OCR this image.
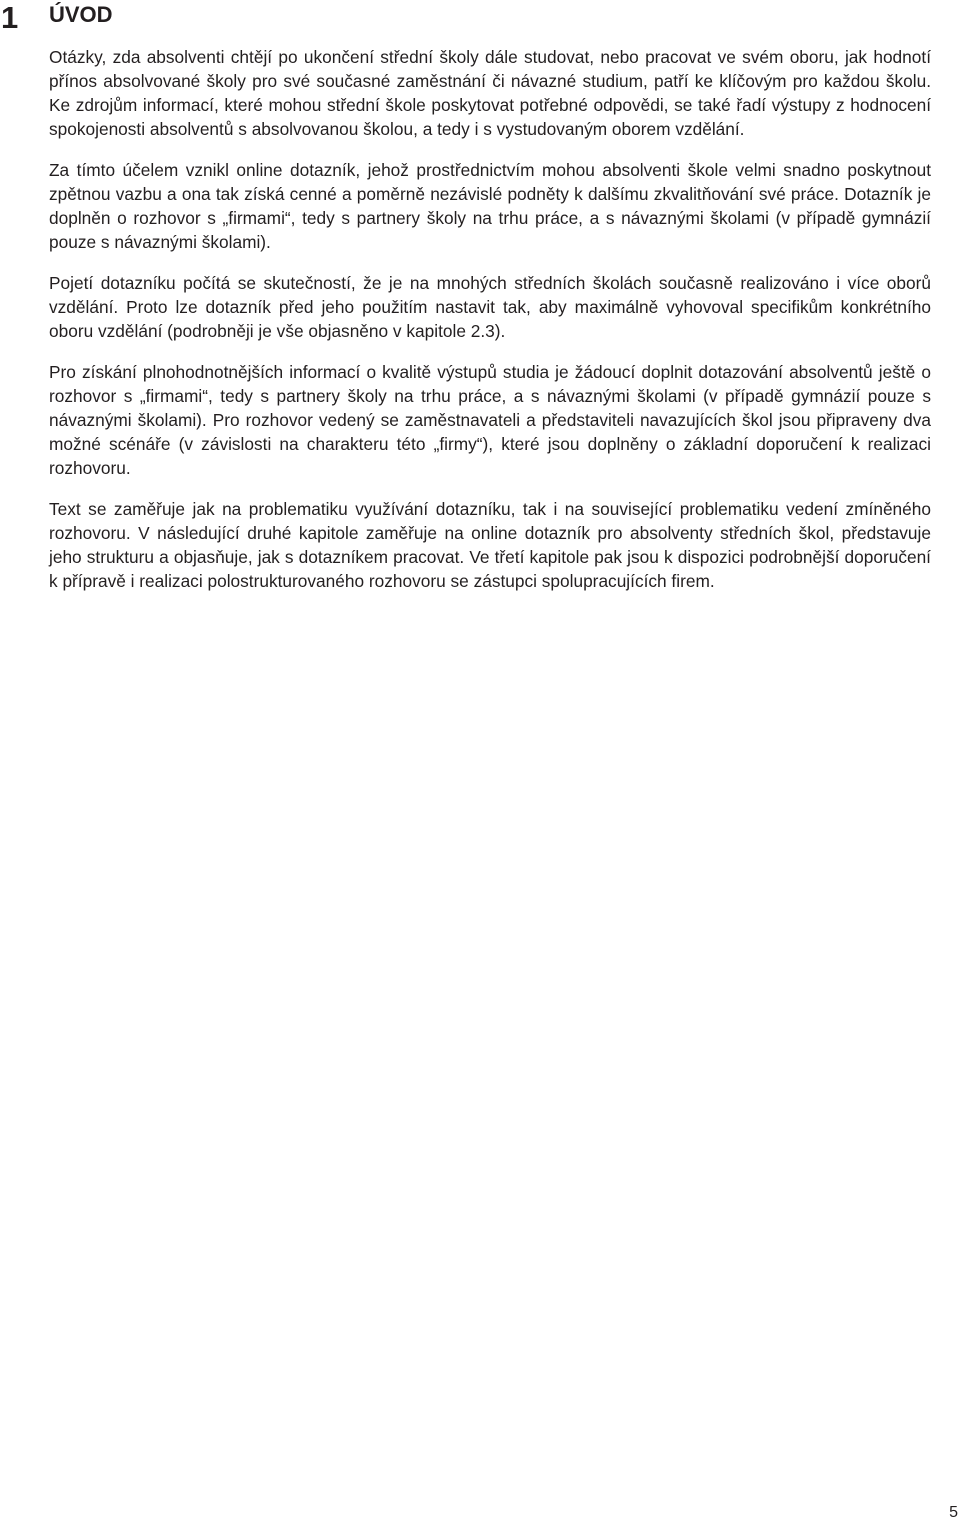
1 ÚVOD

Otázky, zda absolventi chtějí po ukončení střední školy dále studovat, nebo pracovat ve svém oboru, jak hodnotí přínos absolvované školy pro své současné zaměstnání či návazné studium, patří ke klíčovým pro každou školu. Ke zdrojům informací, které mohou střední škole poskytovat potřebné odpovědi, se také řadí výstupy z hodnocení spokojenosti absolventů s absolvovanou školou, a tedy i s vystudovaným oborem vzdělání.

Za tímto účelem vznikl online dotazník, jehož prostřednictvím mohou absolventi škole velmi snadno poskytnout zpětnou vazbu a ona tak získá cenné a poměrně nezávislé podněty k dalšímu zkvalitňování své práce. Dotazník je doplněn o rozhovor s „firmami“, tedy s partnery školy na trhu práce, a s návaznými školami (v případě gymnázií pouze s návaznými školami).

Pojetí dotazníku počítá se skutečností, že je na mnohých středních školách současně realizováno i více oborů vzdělání. Proto lze dotazník před jeho použitím nastavit tak, aby maximálně vyhovoval specifikům konkrétního oboru vzdělání (podrobněji je vše objasněno v kapitole 2.3).

Pro získání plnohodnotnějších informací o kvalitě výstupů studia je žádoucí doplnit dotazování absolventů ještě o rozhovor s „firmami“, tedy s partnery školy na trhu práce, a s návaznými školami (v případě gymnázií pouze s návaznými školami). Pro rozhovor vedený se zaměstnavateli a představiteli navazujících škol jsou připraveny dva možné scénáře (v závislosti na charakteru této „firmy“), které jsou doplněny o základní doporučení k realizaci rozhovoru.

Text se zaměřuje jak na problematiku využívání dotazníku, tak i na související problematiku vedení zmíněného rozhovoru. V následující druhé kapitole zaměřuje na online dotazník pro absolventy středních škol, představuje jeho strukturu a objasňuje, jak s dotazníkem pracovat. Ve třetí kapitole pak jsou k dispozici podrobnější doporučení k přípravě i realizaci polostrukturovaného rozhovoru se zástupci spolupracujících firem.

5
